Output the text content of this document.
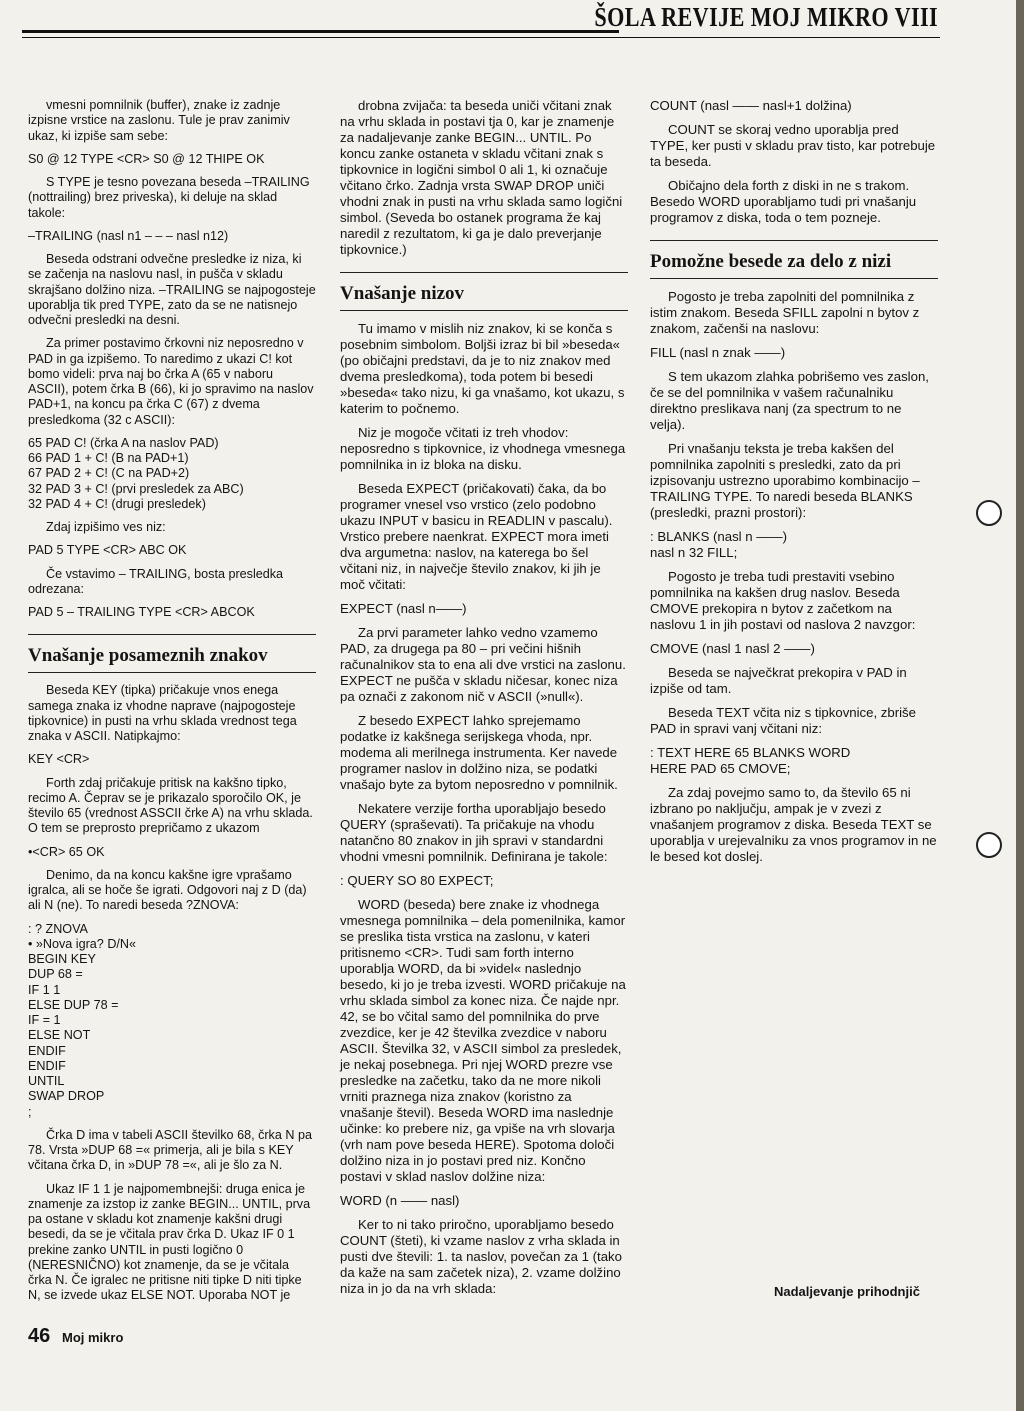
ŠOLA REVIJE MOJ MIKRO VIII

vmesni pomnilnik (buffer), znake iz zadnje izpisne vrstice na zaslonu. Tule je prav zanimiv ukaz, ki izpiše sam sebe:

S0 @ 12 TYPE <CR> S0 @ 12 THIPE OK

S TYPE je tesno povezana beseda –TRAILING (nottrailing) brez priveska), ki deluje na sklad takole:

–TRAILING (nasl n1 – – – nasl n12)

Beseda odstrani odvečne presledke iz niza, ki se začenja na naslovu nasl, in pušča v skladu skrajšano dolžino niza. –TRAILING se najpogosteje uporablja tik pred TYPE, zato da se ne natisnejo odvečni presledki na desni.

Za primer postavimo črkovni niz neposredno v PAD in ga izpišemo. To naredimo z ukazi C! kot bomo videli: prva naj bo črka A (65 v naboru ASCII), potem črka B (66), ki jo spravimo na naslov PAD+1, na koncu pa črka C (67) z dvema presledkoma (32 c ASCII):

65 PAD C! (črka A na naslov PAD)
66 PAD 1 + C! (B na PAD+1)
67 PAD 2 + C! (C na PAD+2)
32 PAD 3 + C! (prvi presledek za ABC)
32 PAD 4 + C! (drugi presledek)

Zdaj izpišimo ves niz:

PAD 5 TYPE <CR> ABC OK

Če vstavimo – TRAILING, bosta presledka odrezana:

PAD 5 – TRAILING TYPE <CR> ABCOK
Vnašanje posameznih znakov

Beseda KEY (tipka) pričakuje vnos enega samega znaka iz vhodne naprave (najpogosteje tipkovnice) in pusti na vrhu sklada vrednost tega znaka v ASCII. Natipkajmo:

KEY <CR>

Forth zdaj pričakuje pritisk na kakšno tipko, recimo A. Čeprav se je prikazalo sporočilo OK, je število 65 (vrednost ASSCII črke A) na vrhu sklada. O tem se preprosto prepričamo z ukazom

•<CR> 65 OK

Denimo, da na koncu kakšne igre vprašamo igralca, ali se hoče še igrati. Odgovori naj z D (da) ali N (ne). To naredi beseda ?ZNOVA:

: ? ZNOVA
• »Nova igra? D/N«
BEGIN KEY
DUP 68 =
IF 1 1
ELSE DUP 78 =
IF = 1
ELSE NOT
ENDIF
ENDIF
UNTIL
SWAP DROP
;

Črka D ima v tabeli ASCII številko 68, črka N pa 78. Vrsta »DUP 68 =« primerja, ali je bila s KEY včitana črka D, in »DUP 78 =«, ali je šlo za N.

Ukaz IF 1 1 je najpomembnejši: druga enica je znamenje za izstop iz zanke BEGIN... UNTIL, prva pa ostane v skladu kot znamenje kakšni drugi besedi, da se je včitala prav črka D. Ukaz IF 0 1 prekine zanko UNTIL in pusti logično 0 (NERESNIČNO) kot znamenje, da se je včitala črka N. Če igralec ne pritisne niti tipke D niti tipke N, se izvede ukaz ELSE NOT. Uporaba NOT je

drobna zvijača: ta beseda uniči včitani znak na vrhu sklada in postavi tja 0, kar je znamenje za nadaljevanje zanke BEGIN... UNTIL. Po koncu zanke ostaneta v skladu včitani znak s tipkovnice in logični simbol 0 ali 1, ki označuje včitano črko. Zadnja vrsta SWAP DROP uniči vhodni znak in pusti na vrhu sklada samo logični simbol. (Seveda bo ostanek programa že kaj naredil z rezultatom, ki ga je dalo preverjanje tipkovnice.)

Vnašanje nizov

Tu imamo v mislih niz znakov, ki se konča s posebnim simbolom. Boljši izraz bi bil »beseda« (po običajni predstavi, da je to niz znakov med dvema presledkoma), toda potem bi besedi »beseda« tako nizu, ki ga vnašamo, kot ukazu, s katerim to počnemo.

Niz je mogoče včitati iz treh vhodov: neposredno s tipkovnice, iz vhodnega vmesnega pomnilnika in iz bloka na disku.

Beseda EXPECT (pričakovati) čaka, da bo programer vnesel vso vrstico (zelo podobno ukazu INPUT v basicu in READLIN v pascalu). Vrstico prebere naenkrat. EXPECT mora imeti dva argumetna: naslov, na katerega bo šel včitani niz, in največje število znakov, ki jih je moč včitati:

EXPECT (nasl n——)

Za prvi parameter lahko vedno vzamemo PAD, za drugega pa 80 – pri večini hišnih računalnikov sta to ena ali dve vrstici na zaslonu. EXPECT ne pušča v skladu ničesar, konec niza pa označi z zakonom nič v ASCII (»null«).

Z besedo EXPECT lahko sprejemamo podatke iz kakšnega serijskega vhoda, npr. modema ali merilnega instrumenta. Ker navede programer naslov in dolžino niza, se podatki vnašajo byte za bytom neposredno v pomnilnik.

Nekatere verzije fortha uporabljajo besedo QUERY (spraševati). Ta pričakuje na vhodu natančno 80 znakov in jih spravi v standardni vhodni vmesni pomnilnik. Definirana je takole:

: QUERY SO 80 EXPECT;

WORD (beseda) bere znake iz vhodnega vmesnega pomnilnika – dela pomenilnika, kamor se preslika tista vrstica na zaslonu, v kateri pritisnemo <CR>. Tudi sam forth interno uporablja WORD, da bi »videl« naslednjo besedo, ki jo je treba izvesti. WORD pričakuje na vrhu sklada simbol za konec niza. Če najde npr. 42, se bo včital samo del pomnilnika do prve zvezdice, ker je 42 številka zvezdice v naboru ASCII. Številka 32, v ASCII simbol za presledek, je nekaj posebnega. Pri njej WORD prezre vse presledke na začetku, tako da ne more nikoli vrniti praznega niza znakov (koristno za vnašanje števil). Beseda WORD ima naslednje učinke: ko prebere niz, ga vpiše na vrh slovarja (vrh nam pove beseda HERE). Spotoma določi dolžino niza in jo postavi pred niz. Končno postavi v sklad naslov dolžine niza:

WORD (n —— nasl)

Ker to ni tako priročno, uporabljamo besedo COUNT (šteti), ki vzame naslov z vrha sklada in pusti dve števili: 1. ta naslov, povečan za 1 (tako da kaže na sam začetek niza), 2. vzame dolžino niza in jo da na vrh sklada:

COUNT (nasl —— nasl+1 dolžina)

COUNT se skoraj vedno uporablja pred TYPE, ker pusti v skladu prav tisto, kar potrebuje ta beseda.

Običajno dela forth z diski in ne s trakom. Besedo WORD uporabljamo tudi pri vnašanju programov z diska, toda o tem pozneje.

Pomožne besede za delo z nizi

Pogosto je treba zapolniti del pomnilnika z istim znakom. Beseda SFILL zapolni n bytov z znakom, začenši na naslovu:

FILL (nasl n znak ——)

S tem ukazom zlahka pobrišemo ves zaslon, če se del pomnilnika v vašem računalniku direktno preslikava nanj (za spectrum to ne velja).

Pri vnašanju teksta je treba kakšen del pomnilnika zapolniti s presledki, zato da pri izpisovanju ustrezno uporabimo kombinacijo – TRAILING TYPE. To naredi beseda BLANKS (presledki, prazni prostori):

: BLANKS (nasl n ——)
nasl n 32 FILL;

Pogosto je treba tudi prestaviti vsebino pomnilnika na kakšen drug naslov. Beseda CMOVE prekopira n bytov z začetkom na naslovu 1 in jih postavi od naslova 2 navzgor:

CMOVE (nasl 1 nasl 2 ——)

Beseda se največkrat prekopira v PAD in izpiše od tam.

Beseda TEXT včita niz s tipkovnice, zbriše PAD in spravi vanj včitani niz:

: TEXT HERE 65 BLANKS WORD
HERE PAD 65 CMOVE;

Za zdaj povejmo samo to, da število 65 ni izbrano po naključju, ampak je v zvezi z vnašanjem programov z diska. Beseda TEXT se uporablja v urejevalniku za vnos programov in ne le besed kot doslej.

Nadaljevanje prihodnjič
46 Moj mikro
